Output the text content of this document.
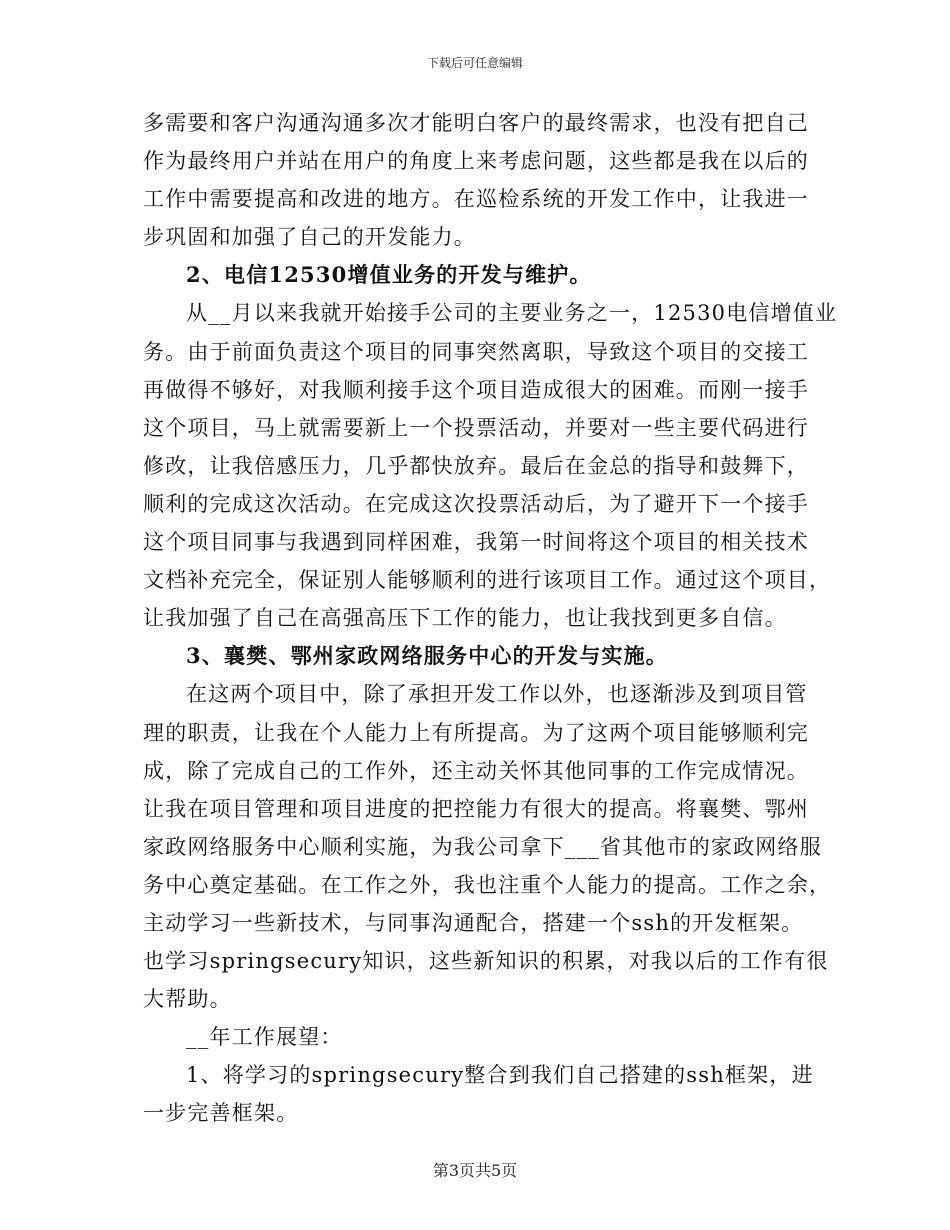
下载后可任意编辑
多需要和客户沟通沟通多次才能明白客户的最终需求，也没有把自己
作为最终用户并站在用户的角度上来考虑问题，这些都是我在以后的
工作中需要提高和改进的地方。在巡检系统的开发工作中，让我进一
步巩固和加强了自己的开发能力。
2、电信12530增值业务的开发与维护。
从__月以来我就开始接手公司的主要业务之一，12530电信增值业
务。由于前面负责这个项目的同事突然离职，导致这个项目的交接工
再做得不够好，对我顺利接手这个项目造成很大的困难。而刚一接手
这个项目，马上就需要新上一个投票活动，并要对一些主要代码进行
修改，让我倍感压力，几乎都快放弃。最后在金总的指导和鼓舞下，
顺利的完成这次活动。在完成这次投票活动后，为了避开下一个接手
这个项目同事与我遇到同样困难，我第一时间将这个项目的相关技术
文档补充完全，保证别人能够顺利的进行该项目工作。通过这个项目，
让我加强了自己在高强高压下工作的能力，也让我找到更多自信。
3、襄樊、鄂州家政网络服务中心的开发与实施。
在这两个项目中，除了承担开发工作以外，也逐渐涉及到项目管
理的职责，让我在个人能力上有所提高。为了这两个项目能够顺利完
成，除了完成自己的工作外，还主动关怀其他同事的工作完成情况。
让我在项目管理和项目进度的把控能力有很大的提高。将襄樊、鄂州
家政网络服务中心顺利实施，为我公司拿下___省其他市的家政网络服
务中心奠定基础。在工作之外，我也注重个人能力的提高。工作之余，
主动学习一些新技术，与同事沟通配合，搭建一个ssh的开发框架。
也学习springsecury知识，这些新知识的积累，对我以后的工作有很
大帮助。
__年工作展望：
1、将学习的springsecury整合到我们自己搭建的ssh框架，进
一步完善框架。
第3页共5页
